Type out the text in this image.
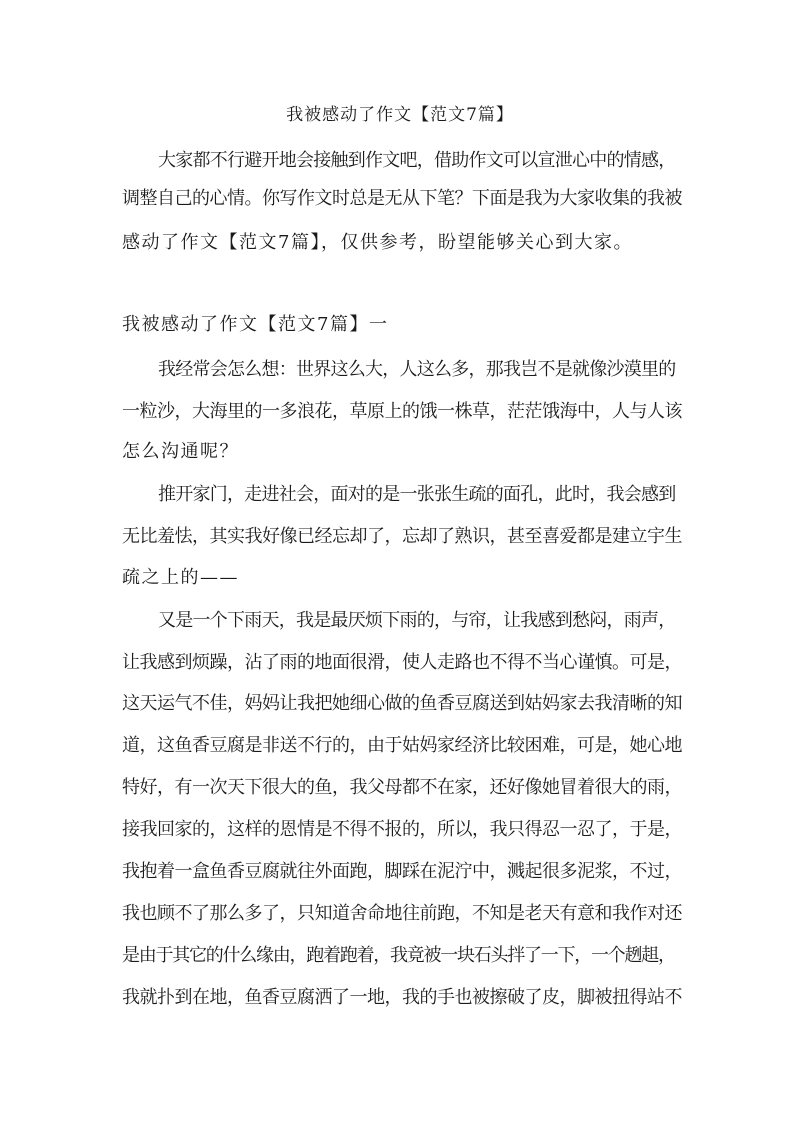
我被感动了作文【范文7篇】
大家都不行避开地会接触到作文吧，借助作文可以宣泄心中的情感，
调整自己的心情。你写作文时总是无从下笔？下面是我为大家收集的我被
感动了作文【范文7篇】，仅供参考，盼望能够关心到大家。
我被感动了作文【范文7篇】一
我经常会怎么想：世界这么大，人这么多，那我岂不是就像沙漠里的
一粒沙，大海里的一多浪花，草原上的饿一株草，茫茫饿海中，人与人该
怎么沟通呢？
推开家门，走进社会，面对的是一张张生疏的面孔，此时，我会感到
无比羞怯，其实我好像已经忘却了，忘却了熟识，甚至喜爱都是建立宇生
疏之上的——
又是一个下雨天，我是最厌烦下雨的，与帘，让我感到愁闷，雨声，
让我感到烦躁，沾了雨的地面很滑，使人走路也不得不当心谨慎。可是，
这天运气不佳，妈妈让我把她细心做的鱼香豆腐送到姑妈家去我清晰的知
道，这鱼香豆腐是非送不行的，由于姑妈家经济比较困难，可是，她心地
特好，有一次天下很大的鱼，我父母都不在家，还好像她冒着很大的雨，
接我回家的，这样的恩情是不得不报的，所以，我只得忍一忍了，于是，
我抱着一盒鱼香豆腐就往外面跑，脚踩在泥泞中，溅起很多泥浆，不过，
我也顾不了那么多了，只知道舍命地往前跑，不知是老天有意和我作对还
是由于其它的什么缘由，跑着跑着，我竟被一块石头拌了一下，一个趔趄，
我就扑到在地，鱼香豆腐洒了一地，我的手也被擦破了皮，脚被扭得站不
